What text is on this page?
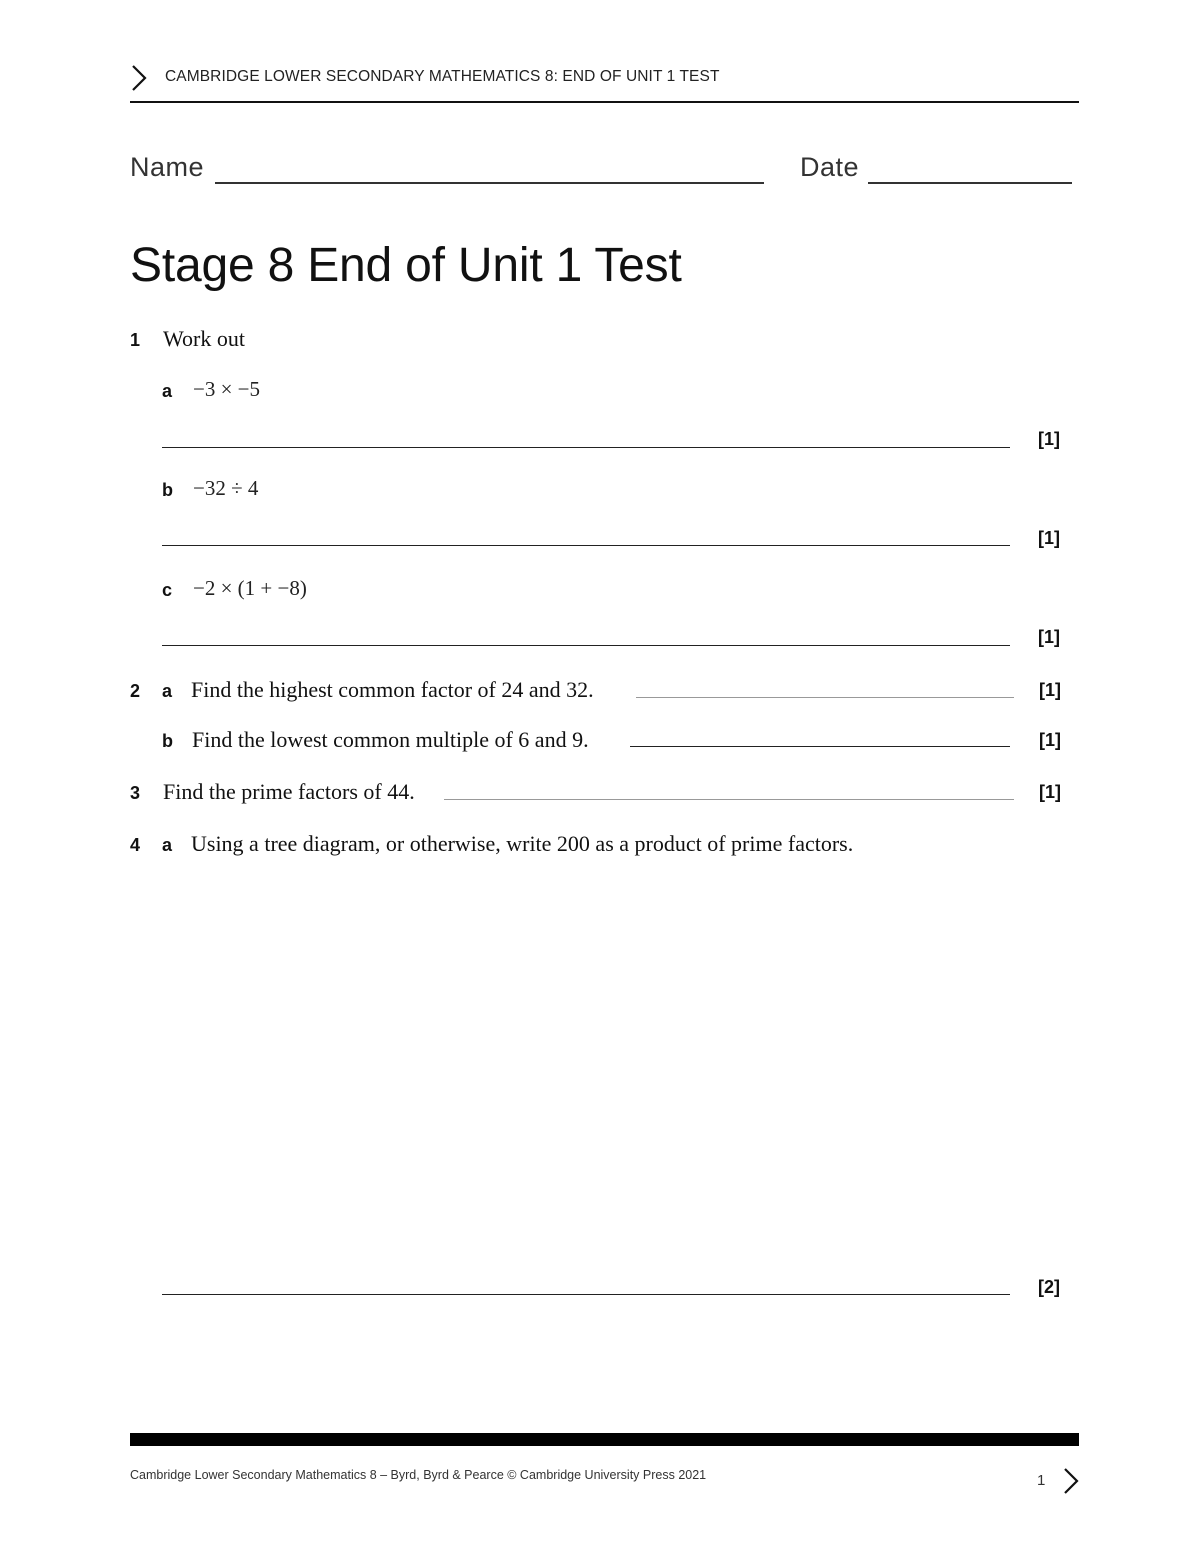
CAMBRIDGE LOWER SECONDARY MATHEMATICS 8: END OF UNIT 1 TEST
Name	Date
Stage 8 End of Unit 1 Test
1 Work out
a −3 × −5
[1]
b −32 ÷ 4
[1]
c −2 × (1 + −8)
[1]
2 a Find the highest common factor of 24 and 32.	[1]
b Find the lowest common multiple of 6 and 9.	[1]
3 Find the prime factors of 44.	[1]
4 a Using a tree diagram, or otherwise, write 200 as a product of prime factors.
[2]
Cambridge Lower Secondary Mathematics 8 – Byrd, Byrd & Pearce © Cambridge University Press 2021	1
